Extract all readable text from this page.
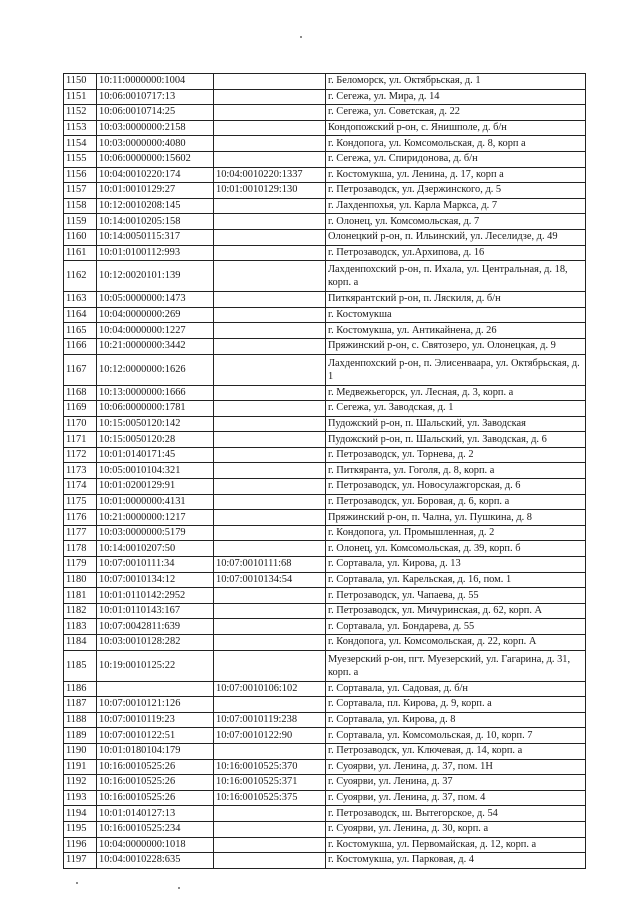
1150	10:11:0000000:1004		г. Беломорск, ул. Октябрьская, д. 1
1151	10:06:0010717:13		г. Сегежа, ул. Мира, д. 14
1152	10:06:0010714:25		г. Сегежа, ул. Советская, д. 22
1153	10:03:0000000:2158		Кондопожский р-он, с. Янишполе, д. б/н
1154	10:03:0000000:4080		г. Кондопога, ул. Комсомольская, д. 8, корп а
1155	10:06:0000000:15602		г. Сегежа, ул. Спиридонова, д. б/н
1156	10:04:0010220:174	10:04:0010220:1337	г. Костомукша, ул. Ленина, д. 17, корп а
1157	10:01:0010129:27	10:01:0010129:130	г. Петрозаводск, ул. Дзержинского, д. 5
1158	10:12:0010208:145		г. Лахденпохья, ул. Карла Маркса, д. 7
1159	10:14:0010205:158		г. Олонец, ул. Комсомольская, д. 7
1160	10:14:0050115:317		Олонецкий р-он, п. Ильинский, ул. Леселидзе, д. 49
1161	10:01:0100112:993		г. Петрозаводск, ул.Архипова, д. 16
1162	10:12:0020101:139		Лахденпохский р-он, п. Ихала, ул. Центральная, д. 18, корп. а
1163	10:05:0000000:1473		Питкярантский р-он, п. Ляскиля, д. б/н
1164	10:04:0000000:269		г. Костомукша
1165	10:04:0000000:1227		г. Костомукша, ул. Антикайнена, д. 26
1166	10:21:0000000:3442		Пряжинский р-он, с. Святозеро, ул. Олонецкая, д. 9
1167	10:12:0000000:1626		Лахденпохский р-он, п. Элисенваара, ул. Октябрьская, д. 1
1168	10:13:0000000:1666		г. Медвежьегорск, ул. Лесная, д. 3, корп. а
1169	10:06:0000000:1781		г. Сегежа, ул. Заводская, д. 1
1170	10:15:0050120:142		Пудожский р-он, п. Шальский, ул. Заводская
1171	10:15:0050120:28		Пудожский р-он, п. Шальский, ул. Заводская, д. 6
1172	10:01:0140171:45		г. Петрозаводск, ул. Торнева, д. 2
1173	10:05:0010104:321		г. Питкяранта, ул. Гоголя, д. 8, корп. а
1174	10:01:0200129:91		г. Петрозаводск, ул. Новосулажгорская, д. 6
1175	10:01:0000000:4131		г. Петрозаводск, ул. Боровая, д. 6, корп. а
1176	10:21:0000000:1217		Пряжинский р-он, п. Чална, ул. Пушкина, д. 8
1177	10:03:0000000:5179		г. Кондопога, ул. Промышленная, д. 2
1178	10:14:0010207:50		г. Олонец, ул. Комсомольская, д. 39, корп. б
1179	10:07:0010111:34	10:07:0010111:68	г. Сортавала, ул. Кирова, д. 13
1180	10:07:0010134:12	10:07:0010134:54	г. Сортавала, ул. Карельская, д. 16, пом. 1
1181	10:01:0110142:2952		г. Петрозаводск, ул. Чапаева, д. 55
1182	10:01:0110143:167		г. Петрозаводск, ул. Мичуринская, д. 62, корп. А
1183	10:07:0042811:639		г. Сортавала, ул. Бондарева, д. 55
1184	10:03:0010128:282		г. Кондопога, ул. Комсомольская, д. 22, корп. А
1185	10:19:0010125:22		Муезерский р-он, пгт. Муезерский, ул. Гагарина, д. 31, корп. а
1186		10:07:0010106:102	г. Сортавала, ул. Садовая, д. б/н
1187	10:07:0010121:126		г. Сортавала, пл. Кирова, д. 9, корп. а
1188	10:07:0010119:23	10:07:0010119:238	г. Сортавала, ул. Кирова, д. 8
1189	10:07:0010122:51	10:07:0010122:90	г. Сортавала, ул. Комсомольская, д. 10, корп. 7
1190	10:01:0180104:179		г. Петрозаводск, ул. Ключевая, д. 14, корп. а
1191	10:16:0010525:26	10:16:0010525:370	г. Суоярви, ул. Ленина, д. 37, пом. 1Н
1192	10:16:0010525:26	10:16:0010525:371	г. Суоярви, ул. Ленина, д. 37
1193	10:16:0010525:26	10:16:0010525:375	г. Суоярви, ул. Ленина, д. 37, пом. 4
1194	10:01:0140127:13		г. Петрозаводск, ш. Вытегорское, д. 54
1195	10:16:0010525:234		г. Суоярви, ул. Ленина, д. 30, корп. а
1196	10:04:0000000:1018		г. Костомукша, ул. Первомайская, д. 12, корп. а
1197	10:04:0010228:635		г. Костомукша, ул. Парковая, д. 4
